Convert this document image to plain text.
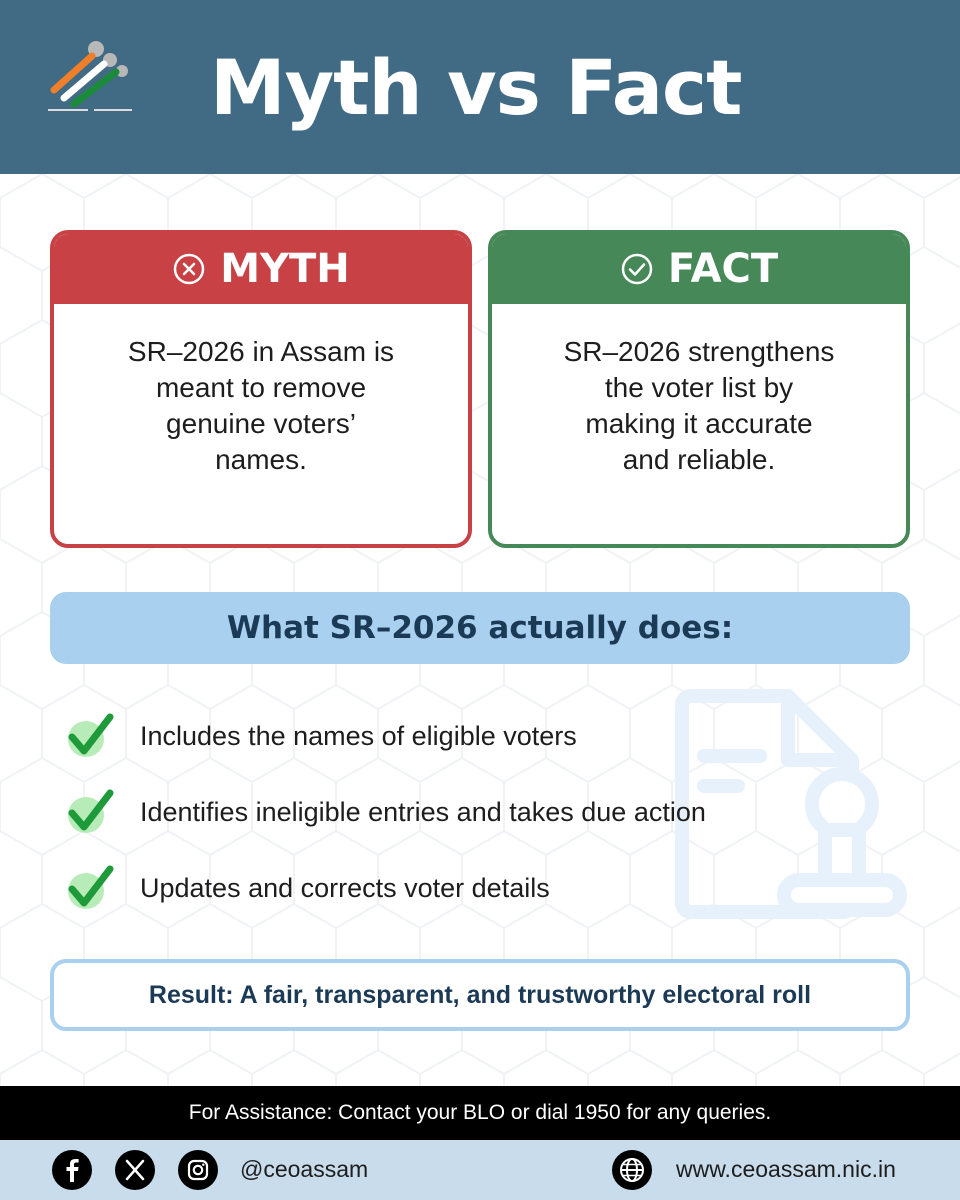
Myth vs Fact
MYTH
SR–2026 in Assam is
meant to remove
genuine voters’
names.
FACT
SR–2026 strengthens
the voter list by
making it accurate
and reliable.
What SR–2026 actually does:
Includes the names of eligible voters
Identifies ineligible entries and takes due action
Updates and corrects voter details
Result: A fair, transparent, and trustworthy electoral roll
For Assistance: Contact your BLO or dial 1950 for any queries.
@ceoassam	www.ceoassam.nic.in
